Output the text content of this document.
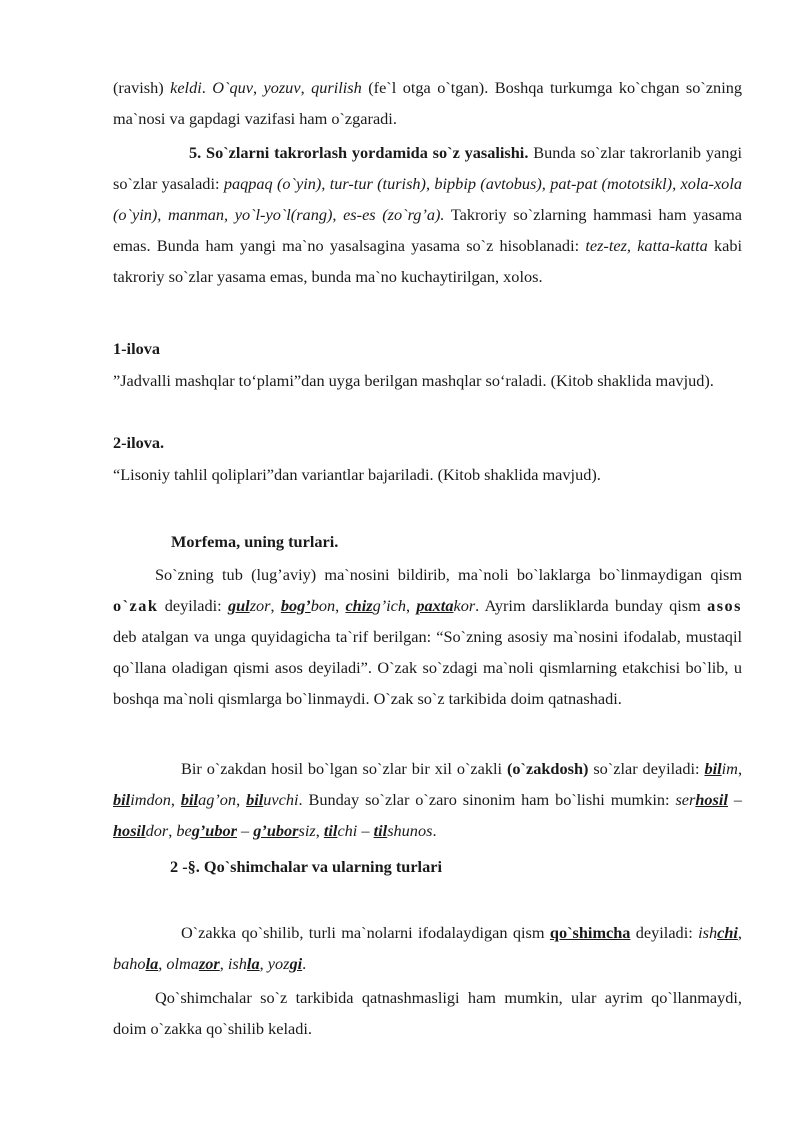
(ravish) keldi. O`quv, yozuv, qurilish (fe`l otga o`tgan). Boshqa turkumga ko`chgan so`zning ma`nosi va gapdagi vazifasi ham o`zgaradi.

5. So`zlarni takrorlash yordamida so`z yasalishi. Bunda so`zlar takrorlanib yangi so`zlar yasaladi: paqpaq (o`yin), tur-tur (turish), bipbip (avtobus), pat-pat (mototsikl), xola-xola (o`yin), manman, yo`l-yo`l(rang), es-es (zo`rg’a). Takroriy so`zlarning hammasi ham yasama emas. Bunda ham yangi ma`no yasalsagina yasama so`z hisoblanadi: tez-tez, katta-katta kabi takroriy so`zlar yasama emas, bunda ma`no kuchaytirilgan, xolos.

1-ilova

”Jadvalli mashqlar to‘plami”dan uyga berilgan mashqlar so‘raladi. (Kitob shaklida mavjud).

2-ilova.

“Lisoniy tahlil qoliplari”dan variantlar bajariladi. (Kitob shaklida mavjud).

Morfema, uning turlari.

So`zning tub (lug’aviy) ma`nosini bildirib, ma`noli bo`laklarga bo`linmaydigan qism o`zak deyiladi: gulzor, bog’bon, chizg’ich, paxtakor. Ayrim darsliklarda bunday qism asos deb atalgan va unga quyidagicha ta`rif berilgan: “So`zning asosiy ma`nosini ifodalab, mustaqil qo`llana oladigan qismi asos deyiladi”. O`zak so`zdagi ma`noli qismlarning etakchisi bo`lib, u boshqa ma`noli qismlarga bo`linmaydi. O`zak so`z tarkibida doim qatnashadi.

Bir o`zakdan hosil bo`lgan so`zlar bir xil o`zakli (o`zakdosh) so`zlar deyiladi: bilim, bilimdon, bilag’on, biluvchi. Bunday so`zlar o`zaro sinonim ham bo`lishi mumkin: serhosil – hosildor, beg’ubor – g’uborsiz, tilchi – tilshunos.

2 -§. Qo`shimchalar va ularning turlari

O`zakka qo`shilib, turli ma`nolarni ifodalaydigan qism qo`shimcha deyiladi: ishchi, bahola, olmazor, ishla, yozgi.

Qo`shimchalar so`z tarkibida qatnashmasligi ham mumkin, ular ayrim qo`llanmaydi, doim o`zakka qo`shilib keladi.
